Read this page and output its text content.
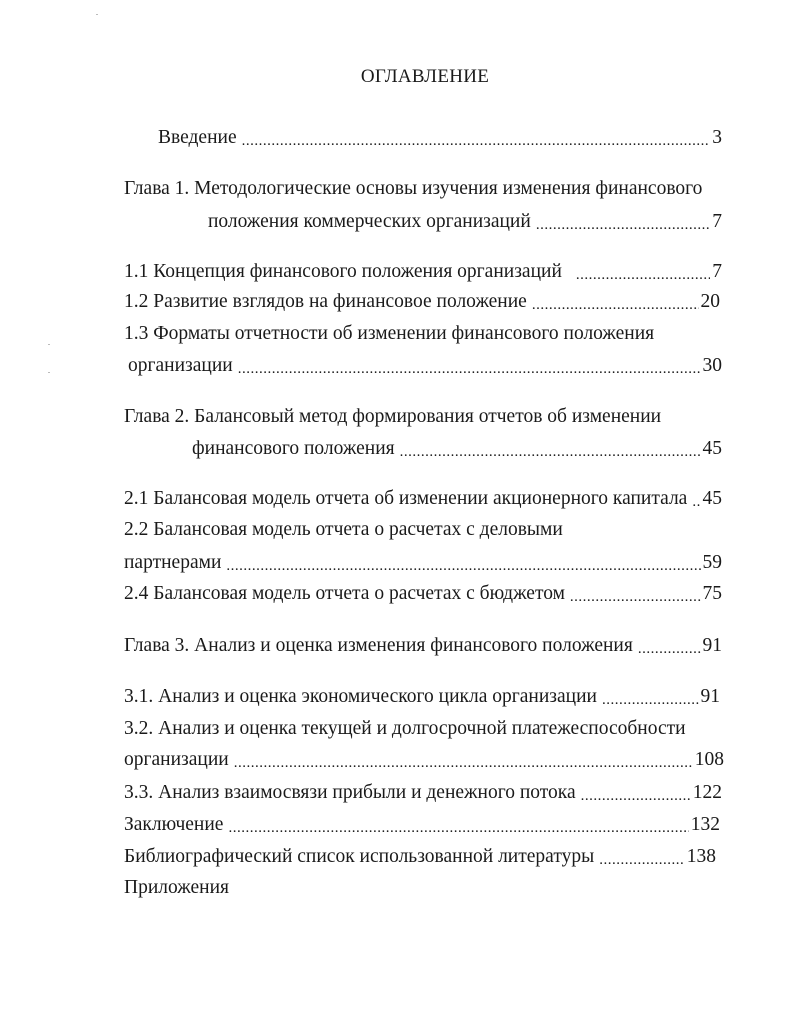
ОГЛАВЛЕНИЕ
Введение .....	3
Глава 1. Методологические основы изучения изменения финансового
положения коммерческих организаций .....	7
1.1 Концепция финансового положения организаций .....	7
1.2 Развитие взглядов на финансовое положение .....	20
1.3 Форматы отчетности об изменении финансового положения
организации .....	30
Глава 2. Балансовый метод формирования отчетов об изменении
финансового положения .....	45
2.1 Балансовая модель отчета об изменении акционерного капитала ..... 45
2.2 Балансовая модель отчета о расчетах с деловыми
партнерами .....	59
2.4 Балансовая модель отчета о расчетах с бюджетом .....	75
Глава 3. Анализ и оценка изменения финансового положения .....	91
3.1. Анализ и оценка экономического цикла организации .....	91
3.2. Анализ и оценка текущей и долгосрочной платежеспособности
организации .....	108
3.3. Анализ взаимосвязи прибыли и денежного потока .....	122
Заключение .....	132
Библиографический список использованной литературы .....	138
Приложения
